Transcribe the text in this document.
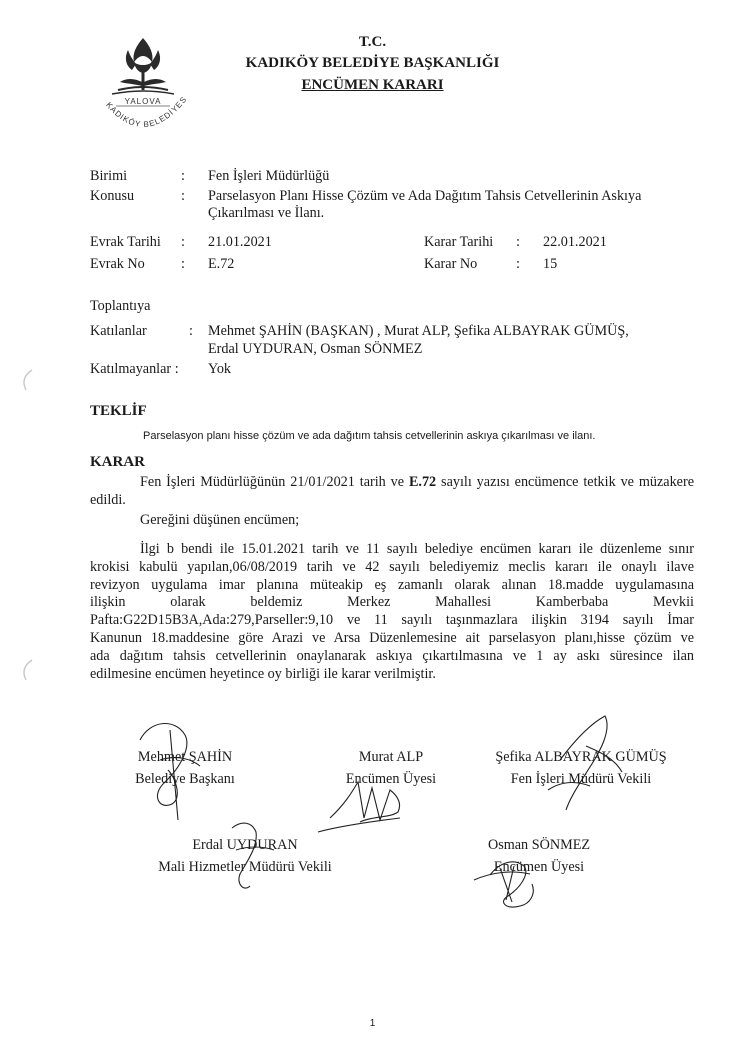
YALOVA
KADIKÖY BELEDİYES
T.C.
KADIKÖY BELEDİYE BAŞKANLIĞI
ENCÜMEN KARARI
Birimi	: Fen İşleri Müdürlüğü
Konusu	: Parselasyon Planı Hisse Çözüm ve Ada Dağıtım Tahsis Cetvellerinin Askıya
Çıkarılması ve İlanı.
Evrak Tarihi : 21.01.2021	Karar Tarihi : 22.01.2021
Evrak No	: E.72	Karar No	: 15
Toplantıya
Katılanlar	: Mehmet ŞAHİN (BAŞKAN) , Murat ALP, Şefika ALBAYRAK GÜMÜŞ,
Erdal UYDURAN, Osman SÖNMEZ
Katılmayanlar : Yok
TEKLİF
Parselasyon planı hisse çözüm ve ada dağıtım tahsis cetvellerinin askıya çıkarılması ve ilanı.
KARAR
Fen İşleri Müdürlüğünün 21/01/2021 tarih ve E.72 sayılı yazısı encümence tetkik ve müzakere edildi.
Gereğini düşünen encümen;
İlgi b bendi ile 15.01.2021 tarih ve 11 sayılı belediye encümen kararı ile düzenleme sınır
krokisi kabulü yapılan,06/08/2019 tarih ve 42 sayılı belediyemiz meclis kararı ile onaylı ilave
revizyon uygulama imar planına müteakip eş zamanlı olarak alınan 18.madde uygulamasına
ilişkin olarak beldemiz Merkez Mahallesi Kamberbaba Mevkii
Pafta:G22D15B3A,Ada:279,Parseller:9,10 ve 11 sayılı taşınmazlara ilişkin 3194 sayılı İmar
Kanunun 18.maddesine göre Arazi ve Arsa Düzenlemesine ait parselasyon planı,hisse çözüm ve
ada dağıtım tahsis cetvellerinin onaylanarak askıya çıkartılmasına ve 1 ay askı süresince ilan
edilmesine encümen heyetince oy birliği ile karar verilmiştir.
Mehmet ŞAHİN
Belediye Başkanı
Murat ALP
Encümen Üyesi
Şefika ALBAYRAK GÜMÜŞ
Fen İşleri Müdürü Vekili
Erdal UYDURAN
Mali Hizmetler Müdürü Vekili
Osman SÖNMEZ
Encümen Üyesi
1
